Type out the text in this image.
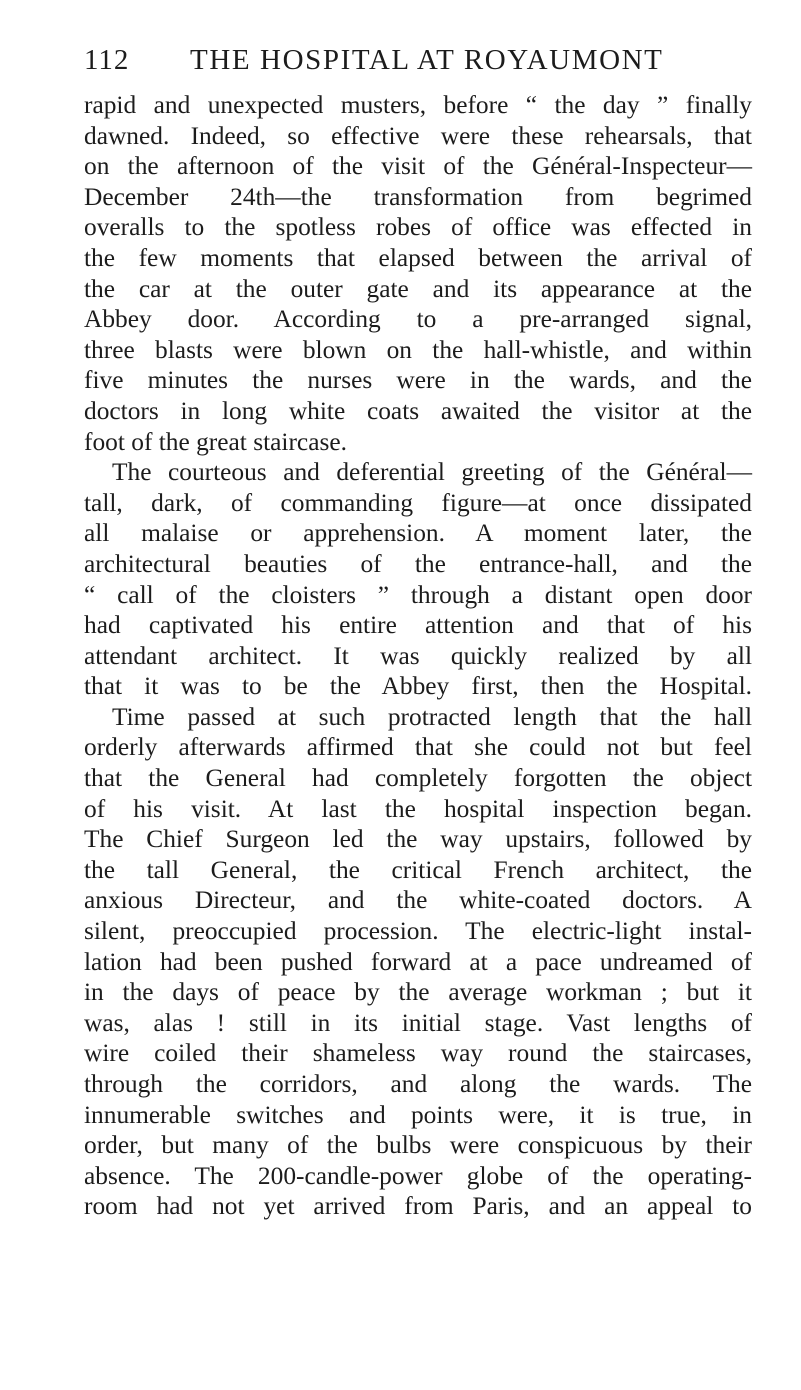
112 THE HOSPITAL AT ROYAUMONT
rapid and unexpected musters, before “ the day ” finally
dawned. Indeed, so effective were these rehearsals, that
on the afternoon of the visit of the Général-Inspecteur—
December 24th—the transformation from begrimed
overalls to the spotless robes of office was effected in
the few moments that elapsed between the arrival of
the car at the outer gate and its appearance at the
Abbey door. According to a pre-arranged signal,
three blasts were blown on the hall-whistle, and within
five minutes the nurses were in the wards, and the
doctors in long white coats awaited the visitor at the
foot of the great staircase.
The courteous and deferential greeting of the Général—
tall, dark, of commanding figure—at once dissipated
all malaise or apprehension. A moment later, the
architectural beauties of the entrance-hall, and the
“ call of the cloisters ” through a distant open door
had captivated his entire attention and that of his
attendant architect. It was quickly realized by all
that it was to be the Abbey first, then the Hospital.
Time passed at such protracted length that the hall
orderly afterwards affirmed that she could not but feel
that the General had completely forgotten the object
of his visit. At last the hospital inspection began.
The Chief Surgeon led the way upstairs, followed by
the tall General, the critical French architect, the
anxious Directeur, and the white-coated doctors. A
silent, preoccupied procession. The electric-light instal-
lation had been pushed forward at a pace undreamed of
in the days of peace by the average workman ; but it
was, alas ! still in its initial stage. Vast lengths of
wire coiled their shameless way round the staircases,
through the corridors, and along the wards. The
innumerable switches and points were, it is true, in
order, but many of the bulbs were conspicuous by their
absence. The 200-candle-power globe of the operating-
room had not yet arrived from Paris, and an appeal to
